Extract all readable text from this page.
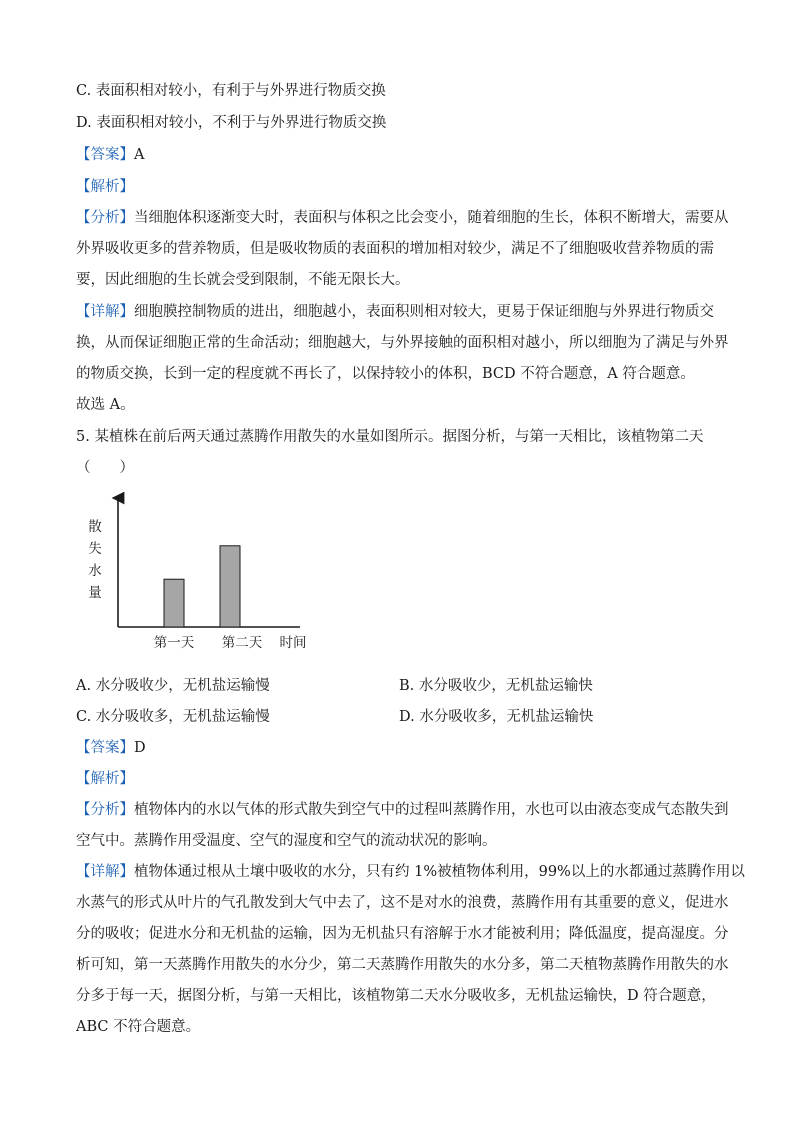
C. 表面积相对较小，有利于与外界进行物质交换
D. 表面积相对较小，不利于与外界进行物质交换
【答案】A
【解析】
【分析】当细胞体积逐渐变大时，表面积与体积之比会变小，随着细胞的生长，体积不断增大，需要从
外界吸收更多的营养物质，但是吸收物质的表面积的增加相对较少，满足不了细胞吸收营养物质的需
要，因此细胞的生长就会受到限制，不能无限长大。
【详解】细胞膜控制物质的进出，细胞越小，表面积则相对较大，更易于保证细胞与外界进行物质交
换，从而保证细胞正常的生命活动；细胞越大，与外界接触的面积相对越小，所以细胞为了满足与外界
的物质交换，长到一定的程度就不再长了，以保持较小的体积，BCD 不符合题意，A 符合题意。
故选 A。
5. 某植株在前后两天通过蒸腾作用散失的水量如图所示。据图分析，与第一天相比，该植物第二天
（　　）
散
失
水
量
第一天 第二天 时间
A. 水分吸收少，无机盐运输慢	B. 水分吸收少，无机盐运输快
C. 水分吸收多，无机盐运输慢	D. 水分吸收多，无机盐运输快
【答案】D
【解析】
【分析】植物体内的水以气体的形式散失到空气中的过程叫蒸腾作用，水也可以由液态变成气态散失到
空气中。蒸腾作用受温度、空气的湿度和空气的流动状况的影响。
【详解】植物体通过根从土壤中吸收的水分，只有约 1%被植物体利用，99%以上的水都通过蒸腾作用以
水蒸气的形式从叶片的气孔散发到大气中去了，这不是对水的浪费，蒸腾作用有其重要的意义，促进水
分的吸收；促进水分和无机盐的运输，因为无机盐只有溶解于水才能被利用；降低温度，提高湿度。分
析可知，第一天蒸腾作用散失的水分少，第二天蒸腾作用散失的水分多，第二天植物蒸腾作用散失的水
分多于每一天，据图分析，与第一天相比，该植物第二天水分吸收多，无机盐运输快，D 符合题意，
ABC 不符合题意。
